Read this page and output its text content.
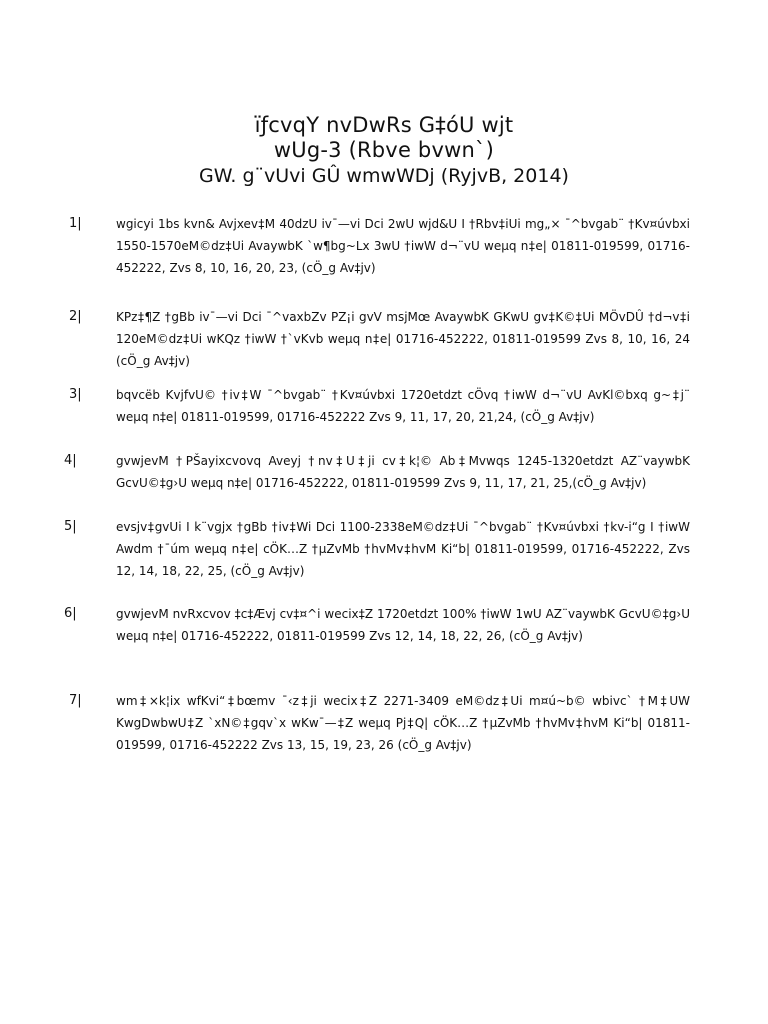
ïƒcvqY nvDwRs G‡óU wjt
wUg-3 (Rbve bvwn`)
GW. g¨vUvi GÛ wmwWDj (RyjvB, 2014)
1|	wgicyi 1bs kvn& Avjxev‡M 40dzU iv¯—vi Dci 2wU wjd&U I †Rbv‡iUi mg„× ¯^bvgab¨ †Kv¤úvbxi 1550-1570eM©dz‡Ui AvaywbK `w¶bg~Lx 3wU †iwW d¬¨vU weµq n‡e| 01811-019599, 01716-452222, Zvs 8, 10, 16, 20, 23, (cÖ_g Av‡jv)
2|	KPz‡¶Z †gBb iv¯—vi Dci ¯^vaxbZv PZ¡i gvV msjMœ AvaywbK GKwU gv‡K©‡Ui MÖvDÛ †d¬v‡i 120eM©dz‡Ui wKQz †iwW †`vKvb weµq n‡e| 01716-452222, 01811-019599 Zvs 8, 10, 16, 24 (cÖ_g Av‡jv)
3|	bqvcëb KvjfvU© †iv‡W ¯^bvgab¨ †Kv¤úvbxi 1720etdzt cÖvq †iwW d¬¨vU AvKl©bxq g~‡j¨ weµq n‡e| 01811-019599, 01716-452222 Zvs 9, 11, 17, 20, 21,24, (cÖ_g Av‡jv)
4|	gvwjevM †PŠayixcvovq Aveyj †nv‡U‡ji cv‡k¦© Ab‡Mvwqs 1245-1320etdzt AZ¨vaywbK GcvU©‡g›U weµq n‡e| 01716-452222, 01811-019599 Zvs 9, 11, 17, 21, 25,(cÖ_g Av‡jv)
5|	evsjv‡gvUi I k¨vgjx †gBb †iv‡Wi Dci 1100-2338eM©dz‡Ui ¯^bvgab¨ †Kv¤úvbxi †kv-i“g I †iwW Awdm †¯úm weµq n‡e| cÖK…Z †µZvMb †hvMv‡hvM Ki“b| 01811-019599, 01716-452222, Zvs 12, 14, 18, 22, 25, (cÖ_g Av‡jv)
6|	gvwjevM nvRxcvov ‡c‡Ævj cv‡¤^i wecix‡Z 1720etdzt 100% †iwW 1wU AZ¨vaywbK GcvU©‡g›U weµq n‡e| 01716-452222, 01811-019599 Zvs 12, 14, 18, 22, 26, (cÖ_g Av‡jv)
7|	wm‡×k¦ix wfKvi“‡bœmv ¯‹z‡ji wecix‡Z 2271-3409 eM©dz‡Ui m¤ú~b© wbivc` †M‡UW KwgDwbwU‡Z `xN©‡gqv`x wKw¯—‡Z weµq Pj‡Q| cÖK…Z †µZvMb †hvMv‡hvM Ki“b| 01811-019599, 01716-452222 Zvs 13, 15, 19, 23, 26 (cÖ_g Av‡jv)
